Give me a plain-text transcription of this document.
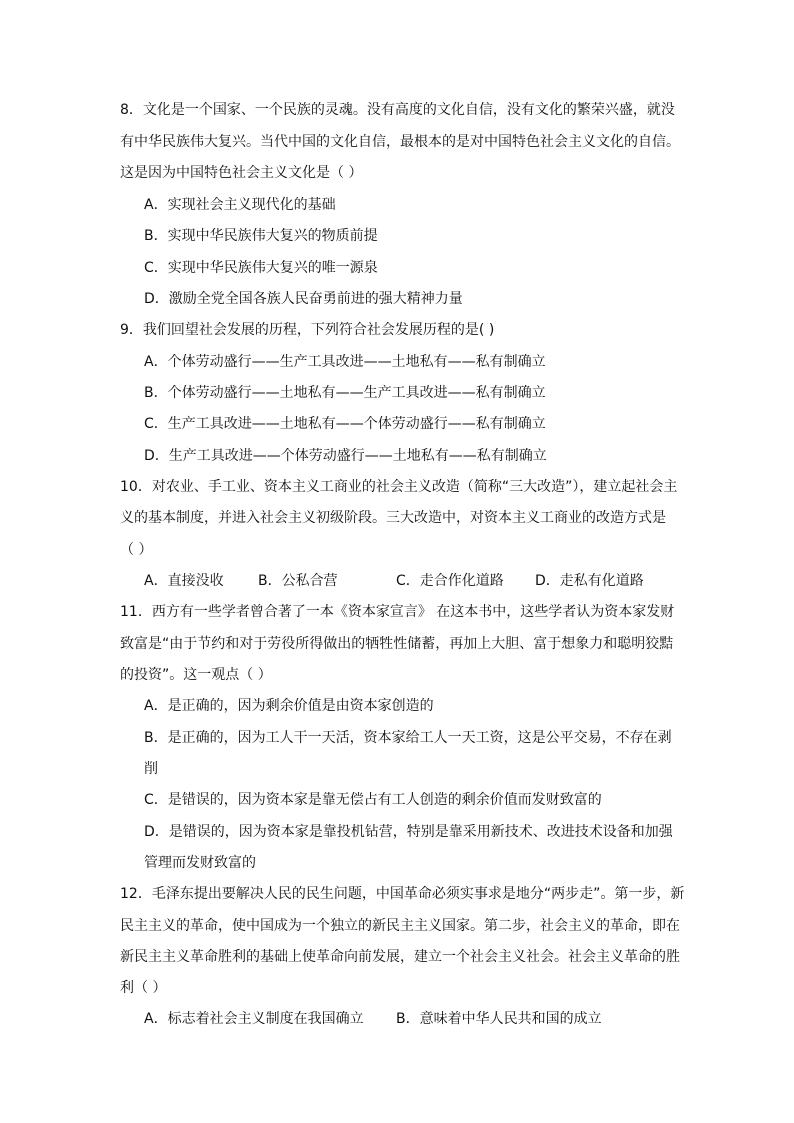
8．文化是一个国家、一个民族的灵魂。没有高度的文化自信，没有文化的繁荣兴盛，就没
有中华民族伟大复兴。当代中国的文化自信，最根本的是对中国特色社会主义文化的自信。
这是因为中国特色社会主义文化是（ ）
A．实现社会主义现代化的基础
B．实现中华民族伟大复兴的物质前提
C．实现中华民族伟大复兴的唯一源泉
D．激励全党全国各族人民奋勇前进的强大精神力量
9．我们回望社会发展的历程，下列符合社会发展历程的是( )
A．个体劳动盛行——生产工具改进——土地私有——私有制确立
B．个体劳动盛行——土地私有——生产工具改进——私有制确立
C．生产工具改进——土地私有——个体劳动盛行——私有制确立
D．生产工具改进——个体劳动盛行——土地私有——私有制确立
10．对农业、手工业、资本主义工商业的社会主义改造（简称“三大改造”），建立起社会主
义的基本制度，并进入社会主义初级阶段。三大改造中，对资本主义工商业的改造方式是
（ ）
A．直接没收 B．公私合营	C．走合作化道路 D．走私有化道路
11．西方有一些学者曾合著了一本《资本家宣言》 在这本书中，这些学者认为资本家发财
致富是“由于节约和对于劳役所得做出的牺牲性储蓄，再加上大胆、富于想象力和聪明狡黠
的投资”。这一观点（ ）
A．是正确的，因为剩余价值是由资本家创造的
B．是正确的，因为工人干一天活，资本家给工人一天工资，这是公平交易，不存在剥
削
C．是错误的，因为资本家是靠无偿占有工人创造的剩余价值而发财致富的
D．是错误的，因为资本家是靠投机钻营，特别是靠采用新技术、改进技术设备和加强
管理而发财致富的
12．毛泽东提出要解决人民的民生问题，中国革命必须实事求是地分“两步走”。第一步，新
民主主义的革命，使中国成为一个独立的新民主主义国家。第二步，社会主义的革命，即在
新民主主义革命胜利的基础上使革命向前发展，建立一个社会主义社会。社会主义革命的胜
利（ ）
A．标志着社会主义制度在我国确立 B．意味着中华人民共和国的成立
